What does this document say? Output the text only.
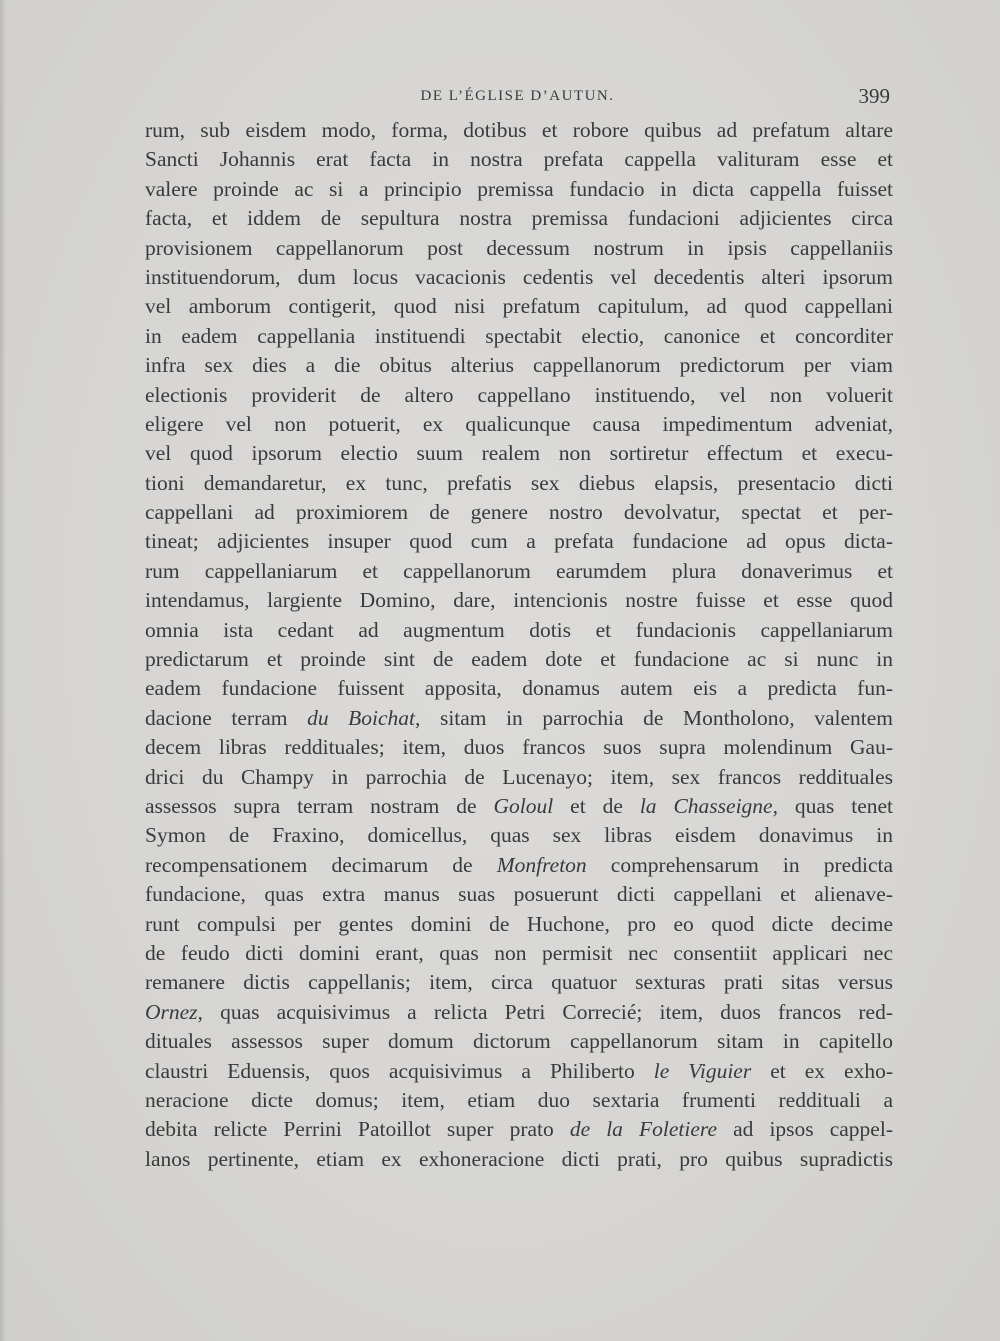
DE L’ÉGLISE D’AUTUN.	399
rum, sub eisdem modo, forma, dotibus et robore quibus ad prefatum altare
Sancti Johannis erat facta in nostra prefata cappella valituram esse et
valere proinde ac si a principio premissa fundacio in dicta cappella fuisset
facta, et iddem de sepultura nostra premissa fundacioni adjicientes circa
provisionem cappellanorum post decessum nostrum in ipsis cappellaniis
instituendorum, dum locus vacacionis cedentis vel decedentis alteri ipsorum
vel amborum contigerit, quod nisi prefatum capitulum, ad quod cappellani
in eadem cappellania instituendi spectabit electio, canonice et concorditer
infra sex dies a die obitus alterius cappellanorum predictorum per viam
electionis providerit de altero cappellano instituendo, vel non voluerit
eligere vel non potuerit, ex qualicunque causa impedimentum adveniat,
vel quod ipsorum electio suum realem non sortiretur effectum et execu-
tioni demandaretur, ex tunc, prefatis sex diebus elapsis, presentacio dicti
cappellani ad proximiorem de genere nostro devolvatur, spectat et per-
tineat; adjicientes insuper quod cum a prefata fundacione ad opus dicta-
rum cappellaniarum et cappellanorum earumdem plura donaverimus et
intendamus, largiente Domino, dare, intencionis nostre fuisse et esse quod
omnia ista cedant ad augmentum dotis et fundacionis cappellaniarum
predictarum et proinde sint de eadem dote et fundacione ac si nunc in
eadem fundacione fuissent apposita, donamus autem eis a predicta fun-
dacione terram du Boichat, sitam in parrochia de Montholono, valentem
decem libras reddituales; item, duos francos suos supra molendinum Gau-
drici du Champy in parrochia de Lucenayo; item, sex francos reddituales
assessos supra terram nostram de Goloul et de la Chasseigne, quas tenet
Symon de Fraxino, domicellus, quas sex libras eisdem donavimus in
recompensationem decimarum de Monfreton comprehensarum in predicta
fundacione, quas extra manus suas posuerunt dicti cappellani et alienave-
runt compulsi per gentes domini de Huchone, pro eo quod dicte decime
de feudo dicti domini erant, quas non permisit nec consentiit applicari nec
remanere dictis cappellanis; item, circa quatuor sexturas prati sitas versus
Ornez, quas acquisivimus a relicta Petri Correcié; item, duos francos red-
dituales assessos super domum dictorum cappellanorum sitam in capitello
claustri Eduensis, quos acquisivimus a Philiberto le Viguier et ex exho-
neracione dicte domus; item, etiam duo sextaria frumenti reddituali a
debita relicte Perrini Patoillot super prato de la Foletiere ad ipsos cappel-
lanos pertinente, etiam ex exhoneracione dicti prati, pro quibus supradictis
